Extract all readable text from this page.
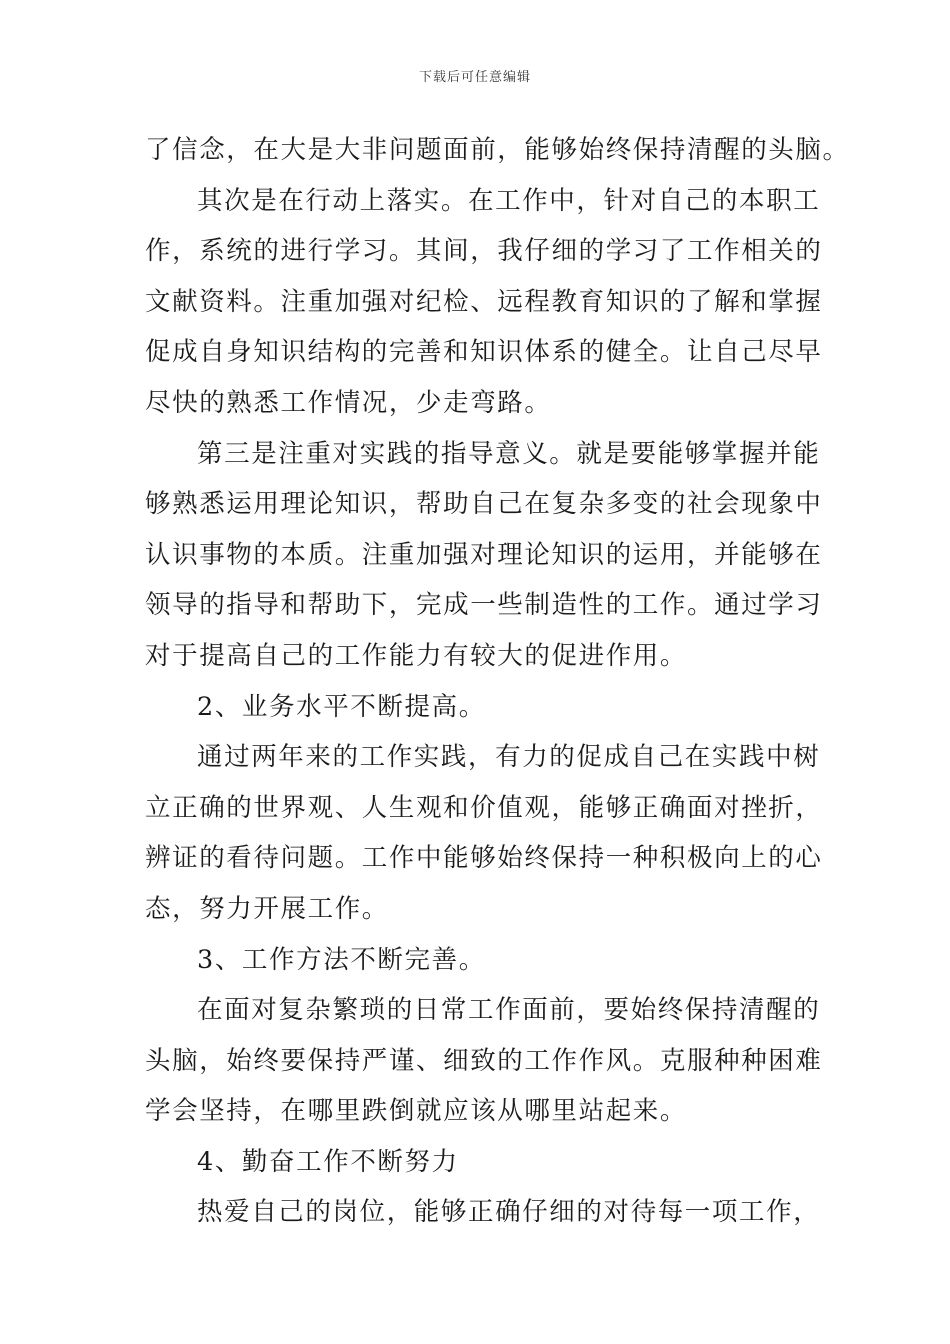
下载后可任意编辑
了信念，在大是大非问题面前，能够始终保持清醒的头脑。
其次是在行动上落实。在工作中，针对自己的本职工
作，系统的进行学习。其间，我仔细的学习了工作相关的
文献资料。注重加强对纪检、远程教育知识的了解和掌握
促成自身知识结构的完善和知识体系的健全。让自己尽早
尽快的熟悉工作情况，少走弯路。
第三是注重对实践的指导意义。就是要能够掌握并能
够熟悉运用理论知识，帮助自己在复杂多变的社会现象中
认识事物的本质。注重加强对理论知识的运用，并能够在
领导的指导和帮助下，完成一些制造性的工作。通过学习
对于提高自己的工作能力有较大的促进作用。
2、业务水平不断提高。
通过两年来的工作实践，有力的促成自己在实践中树
立正确的世界观、人生观和价值观，能够正确面对挫折，
辨证的看待问题。工作中能够始终保持一种积极向上的心
态，努力开展工作。
3、工作方法不断完善。
在面对复杂繁琐的日常工作面前，要始终保持清醒的
头脑，始终要保持严谨、细致的工作作风。克服种种困难
学会坚持，在哪里跌倒就应该从哪里站起来。
4、勤奋工作不断努力
热爱自己的岗位，能够正确仔细的对待每一项工作，
